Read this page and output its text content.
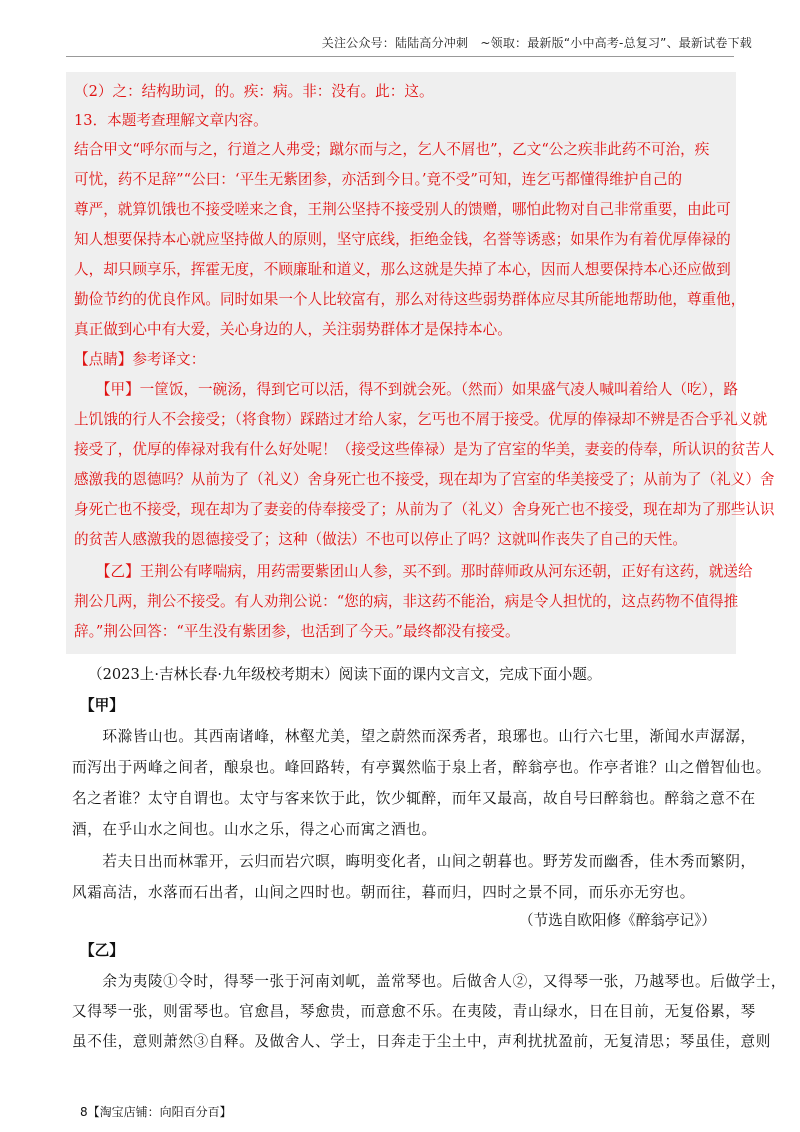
关注公众号：陆陆高分冲刺　~领取：最新版“小中高考-总复习”、最新试卷下载
（2）之：结构助词，的。疾：病。非：没有。此：这。
13．本题考查理解文章内容。
结合甲文“呼尔而与之，行道之人弗受；蹴尔而与之，乞人不屑也”，乙文“公之疾非此药不可治，疾
可忧，药不足辞”“公曰：‘平生无紫团参，亦活到今日。’竟不受”可知，连乞丐都懂得维护自己的
尊严，就算饥饿也不接受嗟来之食，王荆公坚持不接受别人的馈赠，哪怕此物对自己非常重要，由此可
知人想要保持本心就应坚持做人的原则，坚守底线，拒绝金钱，名誉等诱惑；如果作为有着优厚俸禄的
人，却只顾享乐，挥霍无度，不顾廉耻和道义，那么这就是失掉了本心，因而人想要保持本心还应做到
勤俭节约的优良作风。同时如果一个人比较富有，那么对待这些弱势群体应尽其所能地帮助他，尊重他，
真正做到心中有大爱，关心身边的人，关注弱势群体才是保持本心。
【点睛】参考译文：
　　【甲】一筐饭，一碗汤，得到它可以活，得不到就会死。（然而）如果盛气凌人喊叫着给人（吃），路
上饥饿的行人不会接受；（将食物）踩踏过才给人家，乞丐也不屑于接受。优厚的俸禄却不辨是否合乎礼义就
接受了，优厚的俸禄对我有什么好处呢！（接受这些俸禄）是为了宫室的华美，妻妾的侍奉，所认识的贫苦人
感激我的恩德吗？从前为了（礼义）舍身死亡也不接受，现在却为了宫室的华美接受了；从前为了（礼义）舍
身死亡也不接受，现在却为了妻妾的侍奉接受了；从前为了（礼义）舍身死亡也不接受，现在却为了那些认识
的贫苦人感激我的恩德接受了；这种（做法）不也可以停止了吗？这就叫作丧失了自己的天性。
　　【乙】王荆公有哮喘病，用药需要紫团山人参，买不到。那时薛师政从河东还朝，正好有这药，就送给
荆公几两，荆公不接受。有人劝荆公说：“您的病，非这药不能治，病是令人担忧的，这点药物不值得推
辞。”荆公回答：“平生没有紫团参，也活到了今天。”最终都没有接受。
（2023上·吉林长春·九年级校考期末）阅读下面的课内文言文，完成下面小题。
【甲】
　　环滁皆山也。其西南诸峰，林壑尤美，望之蔚然而深秀者，琅琊也。山行六七里，渐闻水声潺潺，
而泻出于两峰之间者，酿泉也。峰回路转，有亭翼然临于泉上者，醉翁亭也。作亭者谁？山之僧智仙也。
名之者谁？太守自谓也。太守与客来饮于此，饮少辄醉，而年又最高，故自号曰醉翁也。醉翁之意不在
酒，在乎山水之间也。山水之乐，得之心而寓之酒也。
　　若夫日出而林霏开，云归而岩穴暝，晦明变化者，山间之朝暮也。野芳发而幽香，佳木秀而繁阴，
风霜高洁，水落而石出者，山间之四时也。朝而往，暮而归，四时之景不同，而乐亦无穷也。
（节选自欧阳修《醉翁亭记》）
【乙】
　　余为夷陵①令时，得琴一张于河南刘屼，盖常琴也。后做舍人②，又得琴一张，乃越琴也。后做学士，
又得琴一张，则雷琴也。官愈昌，琴愈贵，而意愈不乐。在夷陵，青山绿水，日在目前，无复俗累，琴
虽不佳，意则萧然③自释。及做舍人、学士，日奔走于尘土中，声利扰扰盈前，无复清思；琴虽佳，意则
8【淘宝店铺：向阳百分百】
